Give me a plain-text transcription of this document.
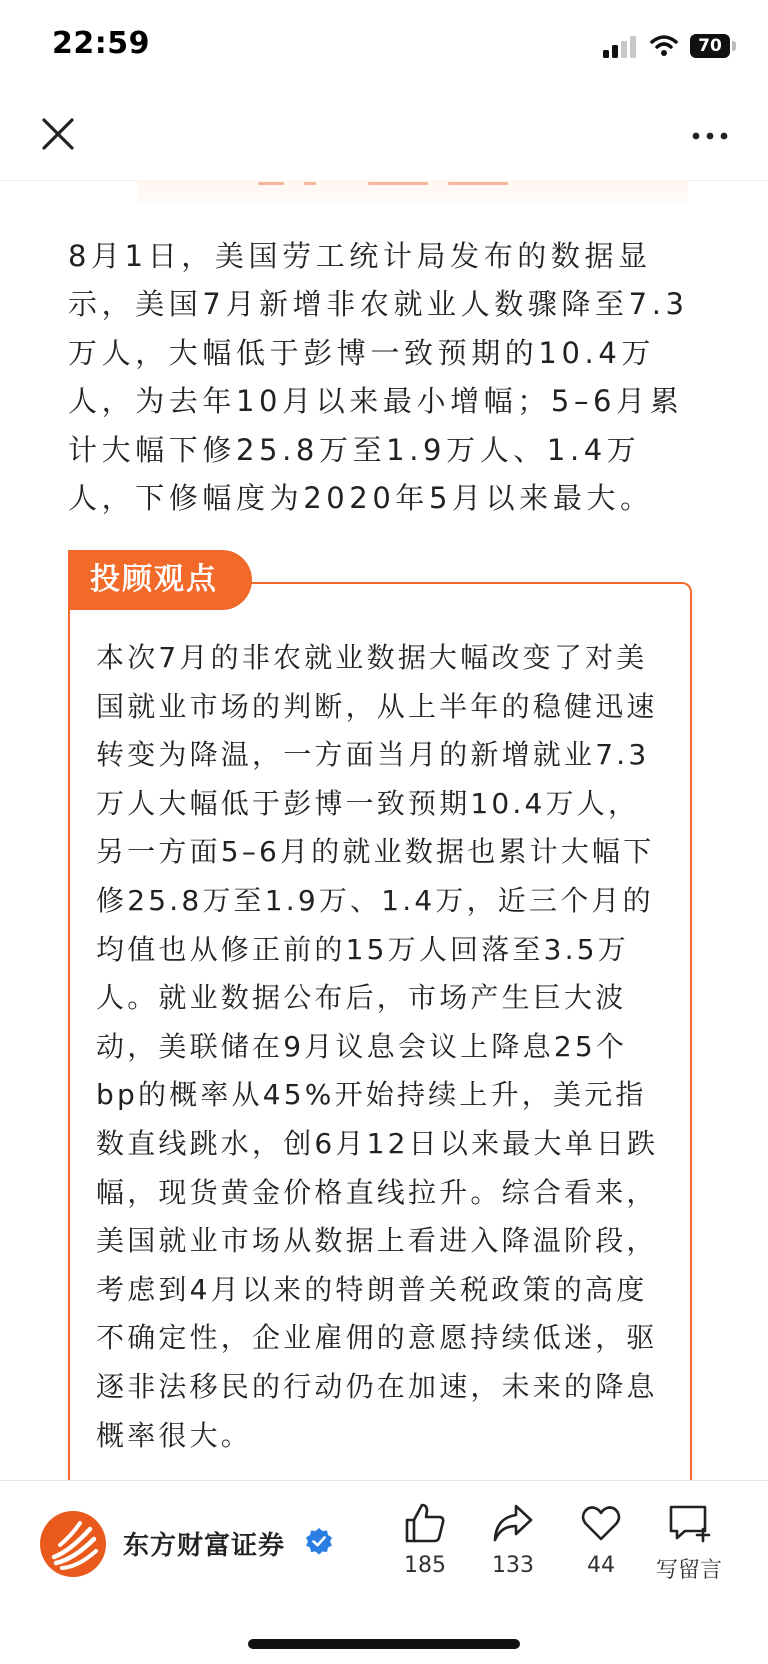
22:59	70

8月1日，美国劳工统计局发布的数据显示，美国7月新增非农就业人数骤降至7.3万人，大幅低于彭博一致预期的10.4万人，为去年10月以来最小增幅；5–6月累计大幅下修25.8万至1.9万人、1.4万人，下修幅度为2020年5月以来最大。

投顾观点

本次7月的非农就业数据大幅改变了对美国就业市场的判断，从上半年的稳健迅速转变为降温，一方面当月的新增就业7.3万人大幅低于彭博一致预期10.4万人，另一方面5–6月的就业数据也累计大幅下修25.8万至1.9万、1.4万，近三个月的均值也从修正前的15万人回落至3.5万人。就业数据公布后，市场产生巨大波动，美联储在9月议息会议上降息25个bp的概率从45%开始持续上升，美元指数直线跳水，创6月12日以来最大单日跌幅，现货黄金价格直线拉升。综合看来，美国就业市场从数据上看进入降温阶段，考虑到4月以来的特朗普关税政策的高度不确定性，企业雇佣的意愿持续低迷，驱逐非法移民的行动仍在加速，未来的降息概率很大。

东方财富证券
185	133	44	写留言
